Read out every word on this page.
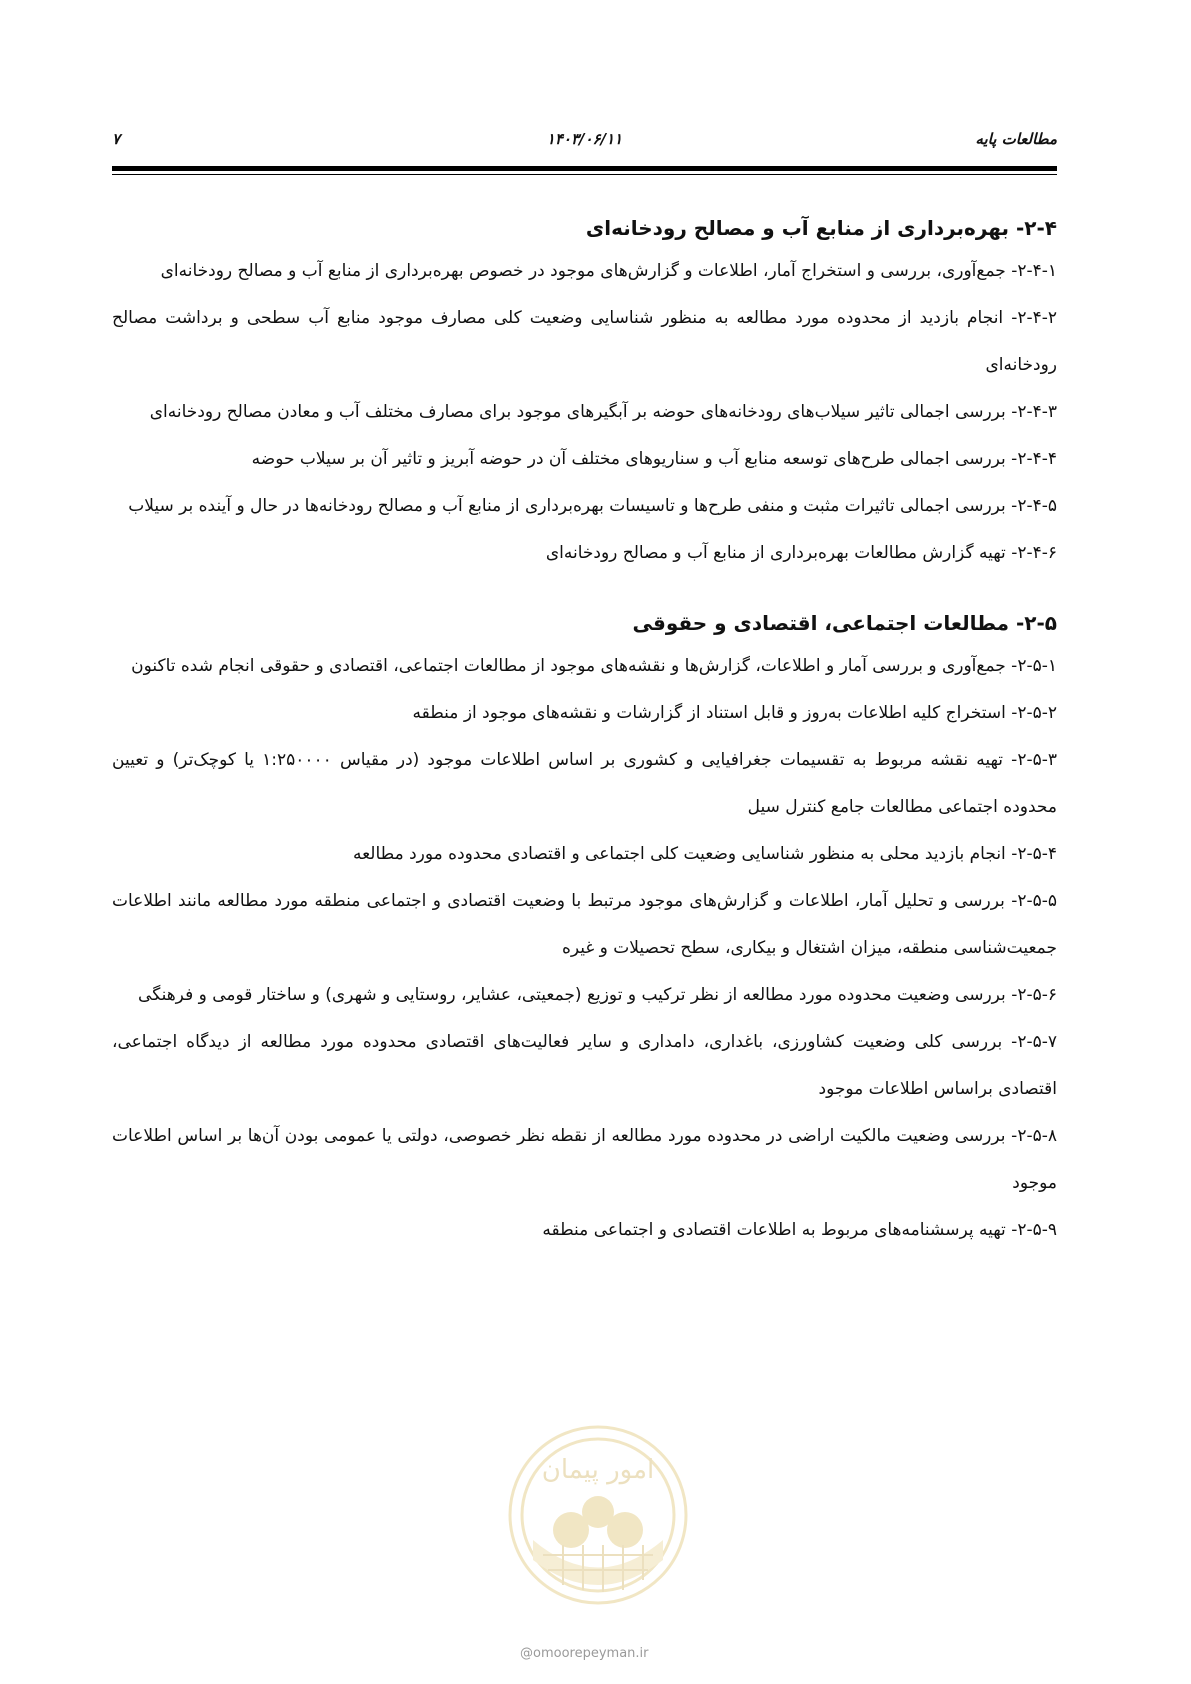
مطالعات پایه
۱۴۰۳/۰۶/۱۱
۷
۲-۴- بهره‌برداری از منابع آب و مصالح رودخانه‌ای

۲-۴-۱- جمع‌آوری، بررسی و استخراج آمار، اطلاعات و گزارش‌های موجود در خصوص بهره‌برداری از منابع آب و مصالح رودخانه‌ای

۲-۴-۲- انجام بازدید از محدوده مورد مطالعه به منظور شناسایی وضعیت کلی مصارف موجود منابع آب سطحی و برداشت مصالح رودخانه‌ای

۲-۴-۳- بررسی اجمالی تاثیر سیلاب‌های رودخانه‌های حوضه بر آبگیرهای موجود برای مصارف مختلف آب و معادن مصالح رودخانه‌ای

۲-۴-۴- بررسی اجمالی طرح‌های توسعه منابع آب و سناریوهای مختلف آن در حوضه آبریز و تاثیر آن بر سیلاب حوضه

۲-۴-۵- بررسی اجمالی تاثیرات مثبت و منفی طرح‌ها و تاسیسات بهره‌برداری از منابع آب و مصالح رودخانه‌ها در حال و آینده بر سیلاب

۲-۴-۶- تهیه گزارش مطالعات بهره‌برداری از منابع آب و مصالح رودخانه‌ای

۲-۵- مطالعات اجتماعی، اقتصادی و حقوقی

۲-۵-۱- جمع‌آوری و بررسی آمار و اطلاعات، گزارش‌ها و نقشه‌های موجود از مطالعات اجتماعی، اقتصادی و حقوقی انجام شده تاکنون

۲-۵-۲- استخراج کلیه اطلاعات به‌روز و قابل استناد از گزارشات و نقشه‌های موجود از منطقه

۲-۵-۳- تهیه نقشه مربوط به تقسیمات جغرافیایی و کشوری بر اساس اطلاعات موجود (در مقیاس ۱:۲۵۰۰۰۰ یا کوچک‌تر) و تعیین محدوده اجتماعی مطالعات جامع کنترل سیل

۲-۵-۴- انجام بازدید محلی به منظور شناسایی وضعیت کلی اجتماعی و اقتصادی محدوده مورد مطالعه

۲-۵-۵- بررسی و تحلیل آمار، اطلاعات و گزارش‌های موجود مرتبط با وضعیت اقتصادی و اجتماعی منطقه مورد مطالعه مانند اطلاعات جمعیت‌شناسی منطقه، میزان اشتغال و بیکاری، سطح تحصیلات و غیره

۲-۵-۶- بررسی وضعیت محدوده مورد مطالعه از نظر ترکیب و توزیع (جمعیتی، عشایر، روستایی و شهری) و ساختار قومی و فرهنگی

۲-۵-۷- بررسی کلی وضعیت کشاورزی، باغداری، دامداری و سایر فعالیت‌های اقتصادی محدوده مورد مطالعه از دیدگاه اجتماعی، اقتصادی براساس اطلاعات موجود

۲-۵-۸- بررسی وضعیت مالکیت اراضی در محدوده مورد مطالعه از نقطه نظر خصوصی، دولتی یا عمومی بودن آن‌ها بر اساس اطلاعات موجود

۲-۵-۹- تهیه پرسشنامه‌های مربوط به اطلاعات اقتصادی و اجتماعی منطقه

امور پیمان
@omoorepeyman.ir
